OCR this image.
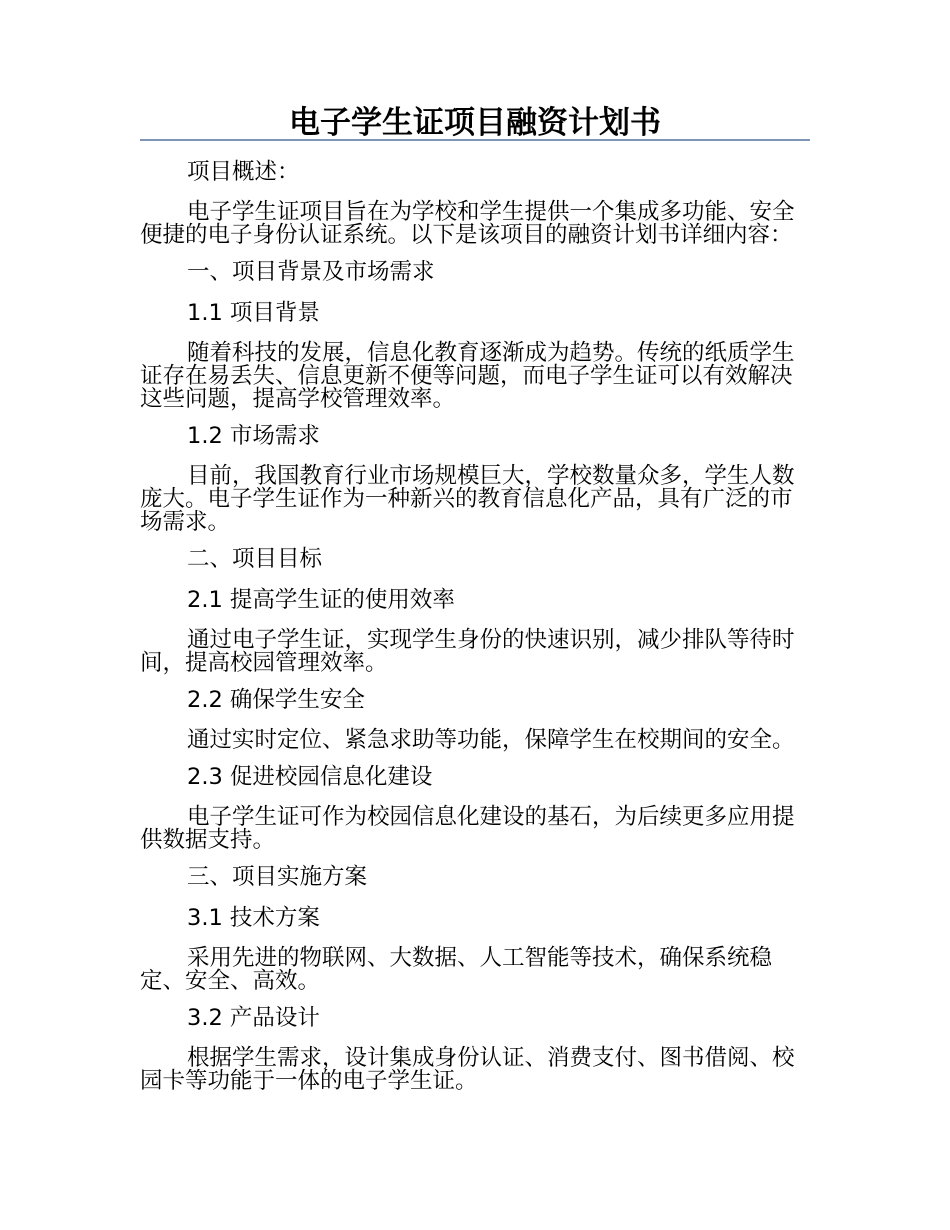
电子学生证项目融资计划书

项目概述：

电子学生证项目旨在为学校和学生提供一个集成多功能、安全便捷的电子身份认证系统。以下是该项目的融资计划书详细内容：

一、项目背景及市场需求

1.1 项目背景

随着科技的发展，信息化教育逐渐成为趋势。传统的纸质学生证存在易丢失、信息更新不便等问题，而电子学生证可以有效解决这些问题，提高学校管理效率。

1.2 市场需求

目前，我国教育行业市场规模巨大，学校数量众多，学生人数庞大。电子学生证作为一种新兴的教育信息化产品，具有广泛的市场需求。

二、项目目标

2.1 提高学生证的使用效率

通过电子学生证，实现学生身份的快速识别，减少排队等待时间，提高校园管理效率。

2.2 确保学生安全

通过实时定位、紧急求助等功能，保障学生在校期间的安全。

2.3 促进校园信息化建设

电子学生证可作为校园信息化建设的基石，为后续更多应用提供数据支持。

三、项目实施方案

3.1 技术方案

采用先进的物联网、大数据、人工智能等技术，确保系统稳定、安全、高效。

3.2 产品设计

根据学生需求，设计集成身份认证、消费支付、图书借阅、校园卡等功能于一体的电子学生证。
